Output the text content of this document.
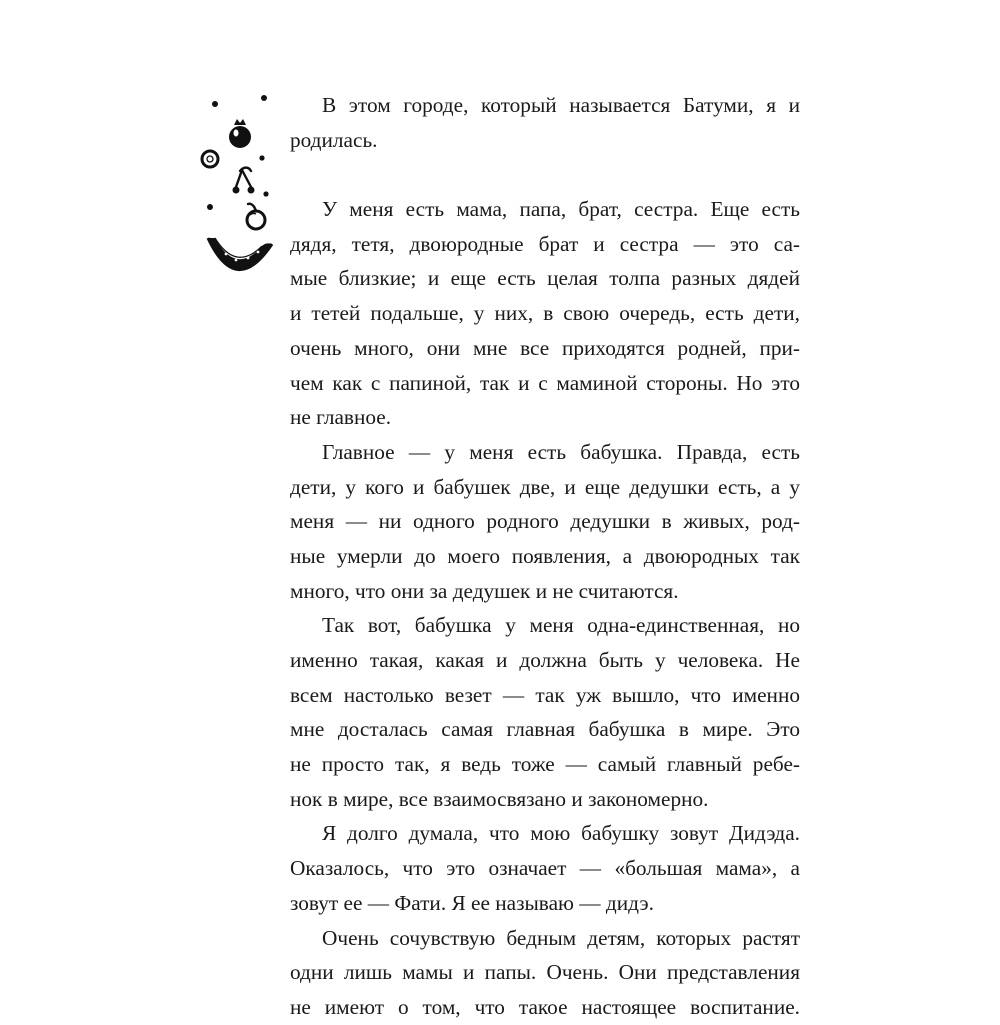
В этом городе, который называется Батуми, я и
родилась.
У меня есть мама, папа, брат, сестра. Еще есть
дядя, тетя, двоюродные брат и сестра — это са-
мые близкие; и еще есть целая толпа разных дядей
и тетей подальше, у них, в свою очередь, есть дети,
очень много, они мне все приходятся родней, при-
чем как с папиной, так и с маминой стороны. Но это
не главное.
Главное — у меня есть бабушка. Правда, есть
дети, у кого и бабушек две, и еще дедушки есть, а у
меня — ни одного родного дедушки в живых, род-
ные умерли до моего появления, а двоюродных так
много, что они за дедушек и не считаются.
Так вот, бабушка у меня одна-единственная, но
именно такая, какая и должна быть у человека. Не
всем настолько везет — так уж вышло, что именно
мне досталась самая главная бабушка в мире. Это
не просто так, я ведь тоже — самый главный ребе-
нок в мире, все взаимосвязано и закономерно.
Я долго думала, что мою бабушку зовут Дидэда.
Оказалось, что это означает — «большая мама», а
зовут ее — Фати. Я ее называю — дидэ.
Очень сочувствую бедным детям, которых растят
одни лишь мамы и папы. Очень. Они представления
не имеют о том, что такое настоящее воспитание.
